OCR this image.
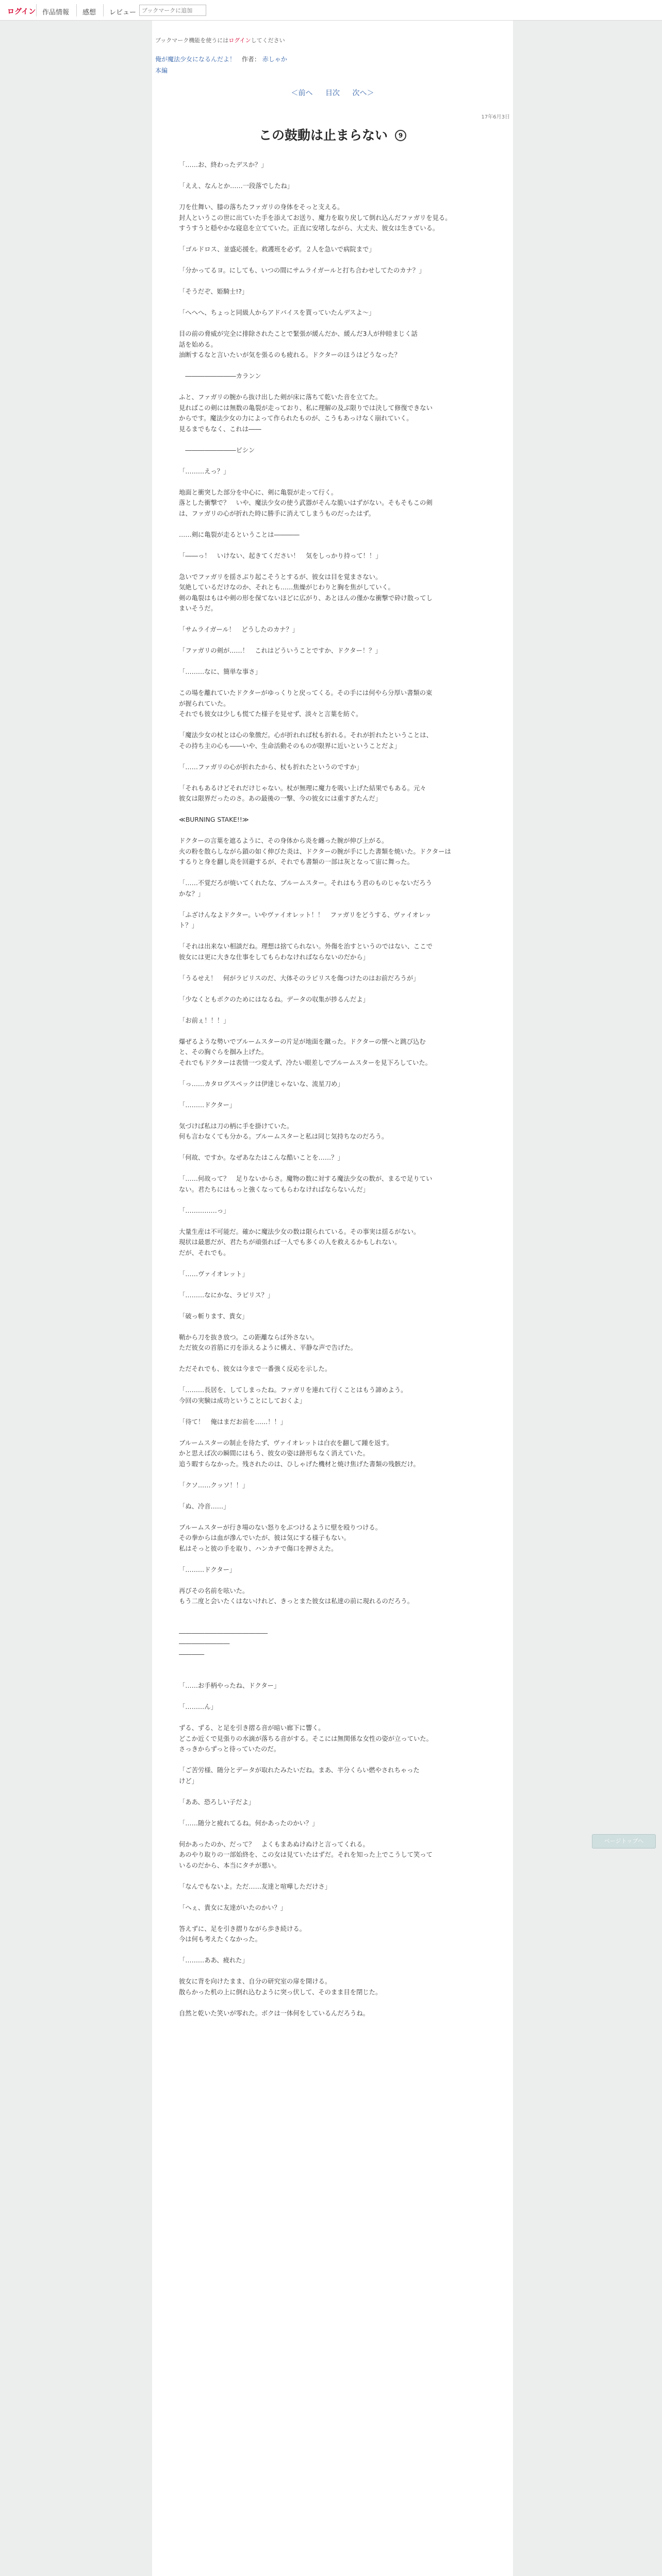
ログイン 作品情報 感想 レビュー
ブックマークに追加
ブックマーク機能を使うにはログインしてください
俺が魔法少女になるんだよ！ 作者： 赤しゃか
本編
＜前へ 目次 次へ＞
17年6月3日
この鼓動は止まらない 9

「……お、終わったデスか？」

「ええ、なんとか……一段落でしたね」

刀を仕舞い、膝の落ちたファガリの身体をそっと支える。

封人というこの世に出ていた手を添えてお送り、魔力を取り戻して倒れ込んだファガリを見る。

すうすうと穏やかな寝息を立てていた。正直に安堵しながら、大丈夫、彼女は生きている。

「ゴルドロス、並盛応援を。救護班を必ず。２人を急いで病院まで」

「分かってるヨ。にしても、いつの間にサムライガールと打ち合わせしてたのカナ？」

「そうだぞ、姫騎士!?」

「へへへ、ちょっと同級人からアドバイスを貰っていたんデスよ〜」

目の前の脅威が完全に排除されたことで緊張が緩んだか、緩んだ3人が仲睦まじく話

話を始める。

油断するなと言いたいが気を張るのも疲れる。ドクターのほうはどうなった？

　――――――――カランン

ふと、ファガリの腕から抜け出した剣が床に落ちて乾いた音を立てた。

見ればこの剣には無数の亀裂が走っており、私に理解の及ぶ限りでは決して修復できない

からです。魔法少女の力によって作られたものが、こうもあっけなく崩れていく。

見るまでもなく、これは――

　――――――――ピシン

「………えっ？」

地面と衝突した部分を中心に、剣に亀裂が走って行く。

落とした衝撃で？　いや、魔法少女の使う武器がそんな脆いはずがない。そもそもこの剣

は、ファガリの心が折れた時に勝手に消えてしまうものだったはず。

……剣に亀裂が走るということは――――

「――っ！　いけない、起きてください！　気をしっかり持って！！」

急いでファガリを揺さぶり起こそうとするが、彼女は目を覚まさない。

気絶しているだけなのか、それとも……焦燥がじわりと胸を焦がしていく。

剣の亀裂はもはや剣の形を保てないほどに広がり、あとほんの僅かな衝撃で砕け散ってし

まいそうだ。

「サムライガール！　どうしたのカナ？」

「ファガリの剣が……！　これはどういうことですか、ドクター！？」

「………なに、簡単な事さ」

この場を離れていたドクターがゆっくりと戻ってくる。その手には何やら分厚い書類の束

が握られていた。

それでも彼女は少しも慌てた様子を見せず、淡々と言葉を紡ぐ。

「魔法少女の杖とは心の象徴だ。心が折れれば杖も折れる。それが折れたということは、

その持ち主の心も――いや、生命活動そのものが限界に近いということだよ」

「……ファガリの心が折れたから、杖も折れたというのですか」

「それもあるけどそれだけじゃない。杖が無理に魔力を吸い上げた結果でもある。元々

彼女は限界だったのさ。あの最後の一撃、今の彼女には重すぎたんだ」

≪BURNING STAKE!!≫

ドクターの言葉を遮るように、その身体から炎を纏った腕が伸び上がる。

火の粉を散らしながら鎖の如く伸びた炎は、ドクターの腕が手にした書類を焼いた。ドクターは

するりと身を翻し炎を回避するが、それでも書類の一部は灰となって宙に舞った。

「……不覚だろが焼いてくれたな、ブルームスター。それはもう君のものじゃないだろう

かな？」

「ふざけんなよドクター。いやヴァイオレット！！　ファガリをどうする、ヴァイオレッ

ト？」

「それは出来ない相談だね。理想は捨てられない。外傷を治すというのではない、ここで

彼女には更に大きな仕事をしてもらわなければならないのだから」

「うるせえ！　何がラピリスのだ、大体そのラピリスを傷つけたのはお前だろうが」

「少なくともボクのためにはなるね。データの収集が捗るんだよ」

「お前ぇ！！！」

爆ぜるような勢いでブルームスターの片足が地面を蹴った。ドクターの懐へと跳び込む

と、その胸ぐらを掴み上げた。

それでもドクターは表情一つ変えず、冷たい眼差しでブルームスターを見下ろしていた。

「っ……カタログスペックは伊達じゃないな、流星刀め」

「………ドクター」

気づけば私は刀の柄に手を掛けていた。

何も言わなくても分かる。ブルームスターと私は同じ気持ちなのだろう。

「何故、ですか。なぜあなたはこんな酷いことを……？」

「……何故って？　足りないからさ。魔物の数に対する魔法少女の数が、まるで足りてい

ない。君たちにはもっと強くなってもらわなければならないんだ」

「……………っ」

大量生産は不可能だ。確かに魔法少女の数は限られている。その事実は揺るがない。

現状は最悪だが、君たちが頑張れば一人でも多くの人を救えるかもしれない。

だが、それでも。

「……ヴァイオレット」

「………なにかな、ラピリス？」

「破っ斬ります、貴女」

鞘から刀を抜き放つ。この距離ならば外さない。

ただ彼女の首筋に刃を添えるように構え、平静な声で告げた。

ただそれでも、彼女は今まで一番強く反応を示した。

「………長居を、してしまったね。ファガリを連れて行くことはもう諦めよう。

今回の実験は成功ということにしておくよ」

「待て！　俺はまだお前を……！！」

ブルームスターの制止を待たず、ヴァイオレットは白衣を翻して踵を返す。

かと思えば次の瞬間にはもう、彼女の姿は跡形もなく消えていた。

追う暇すらなかった。残されたのは、ひしゃげた機材と焼け焦げた書類の残骸だけ。

「クソ……クッソ！！」

「ぬ、冷音……」

ブルームスターが行き場のない怒りをぶつけるように壁を殴りつける。

その拳からは血が滲んでいたが、彼は気にする様子もない。

私はそっと彼の手を取り、ハンカチで傷口を押さえた。

「………ドクター」

再びその名前を呟いた。

もう二度と会いたくはないけれど、きっとまた彼女は私達の前に現れるのだろう。

――――――――――――――

――――――――

――――

「……お手柄やったね、ドクター」

「………ん」

ずる、ずる、と足を引き摺る音が暗い廊下に響く。

どこか近くで見張りの水滴が落ちる音がする。そこには無関係な女性の姿が立っていた。

さっきからずっと待っていたのだ。

「ご苦労様、随分とデータが取れたみたいだね。まあ、半分くらい燃やされちゃった

けど」

「ああ、恐ろしい子だよ」

「……随分と疲れてるね。何かあったのかい？」

何かあったのか、だって？　よくもまあぬけぬけと言ってくれる。

あのやり取りの一部始終を、この女は見ていたはずだ。それを知った上でこうして笑って

いるのだから、本当にタチが悪い。

「なんでもないよ。ただ……友達と喧嘩しただけさ」

「へぇ、貴女に友達がいたのかい？」

答えずに、足を引き摺りながら歩き続ける。

今は何も考えたくなかった。

「………ああ、疲れた」

彼女に背を向けたまま、自分の研究室の扉を開ける。

散らかった机の上に倒れ込むように突っ伏して、そのまま目を閉じた。

自然と乾いた笑いが零れた。ボクは一体何をしているんだろうね。

ページトップへ
